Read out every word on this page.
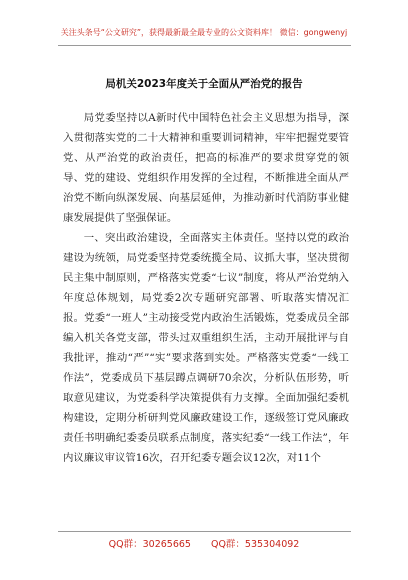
关注头条号“公文研究”，获得最新最全最专业的公文资料库！ 微信：gongwenyj
局机关2023年度关于全面从严治党的报告

局党委坚持以A新时代中国特色社会主义思想为指导，深入贯彻落实党的二十大精神和重要训词精神，牢牢把握党要管党、从严治党的政治责任，把高的标准严的要求贯穿党的领导、党的建设、党组织作用发挥的全过程，不断推进全面从严治党不断向纵深发展、向基层延伸，为推动新时代消防事业健康发展提供了坚强保证。

一、突出政治建设，全面落实主体责任。坚持以党的政治建设为统领，局党委坚持党委统揽全局、议抓大事，坚决贯彻民主集中制原则，严格落实党委“七议”制度，将从严治党纳入年度总体规划，局党委2次专题研究部署、听取落实情况汇报。党委“一班人”主动接受党内政治生活锻炼，党委成员全部编入机关各党支部，带头过双重组织生活，主动开展批评与自我批评，推动“严”“实”要求落到实处。严格落实党委“一线工作法”，党委成员下基层蹲点调研70余次，分析队伍形势，听取意见建议，为党委科学决策提供有力支撑。全面加强纪委机构建设，定期分析研判党风廉政建设工作，逐级签订党风廉政责任书明确纪委委员联系点制度，落实纪委“一线工作法”，年内议廉议审议管16次，召开纪委专题会议12次，对11个

QQ群：30265665 QQ群：535304092
